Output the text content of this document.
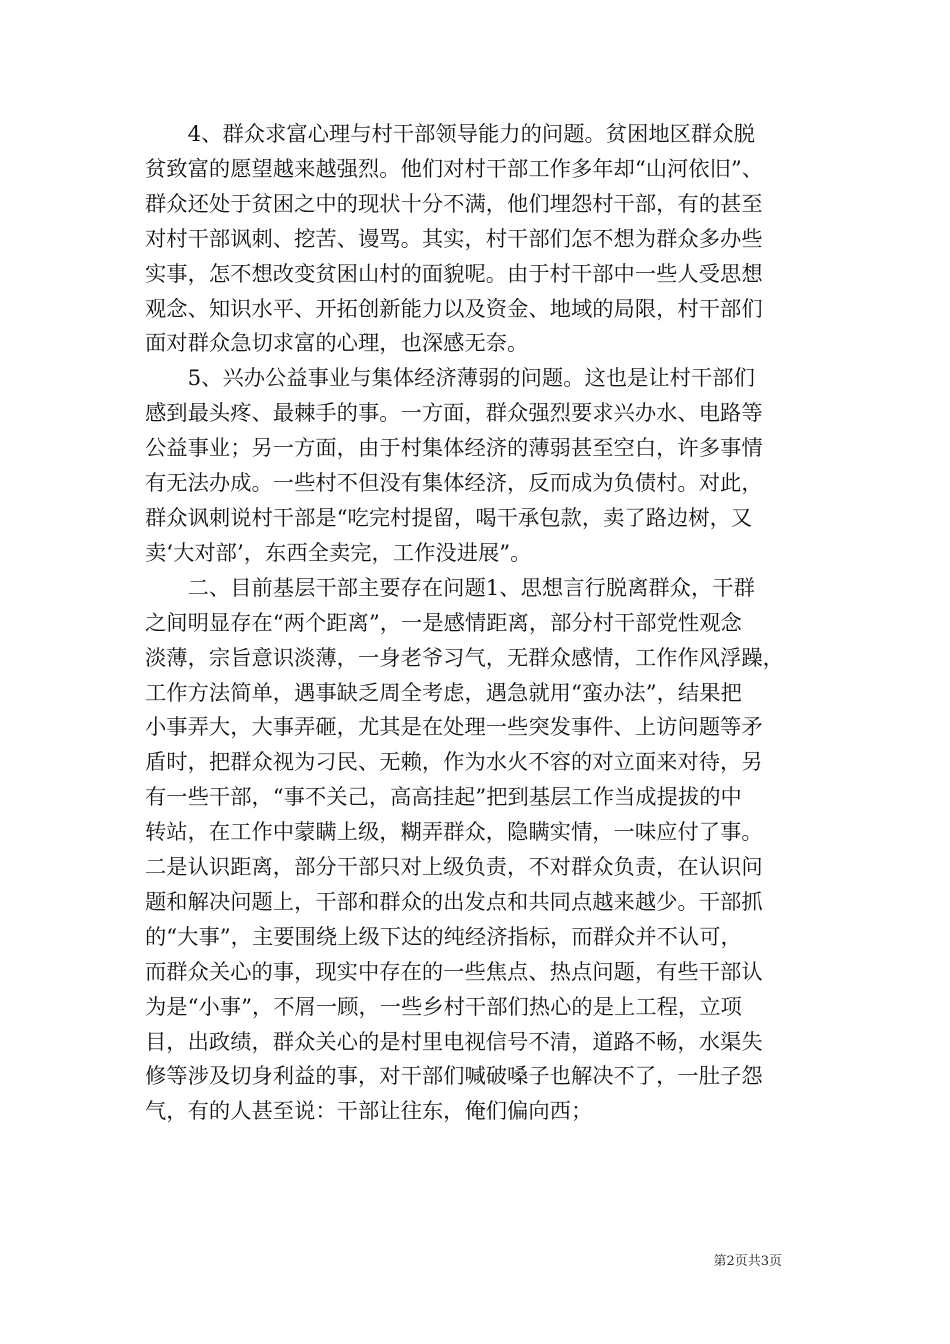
4、群众求富心理与村干部领导能力的问题。贫困地区群众脱
贫致富的愿望越来越强烈。他们对村干部工作多年却“山河依旧”、
群众还处于贫困之中的现状十分不满，他们埋怨村干部，有的甚至
对村干部讽刺、挖苦、谩骂。其实，村干部们怎不想为群众多办些
实事，怎不想改变贫困山村的面貌呢。由于村干部中一些人受思想
观念、知识水平、开拓创新能力以及资金、地域的局限，村干部们
面对群众急切求富的心理，也深感无奈。
5、兴办公益事业与集体经济薄弱的问题。这也是让村干部们
感到最头疼、最棘手的事。一方面，群众强烈要求兴办水、电路等
公益事业；另一方面，由于村集体经济的薄弱甚至空白，许多事情
有无法办成。一些村不但没有集体经济，反而成为负债村。对此，
群众讽刺说村干部是“吃完村提留，喝干承包款，卖了路边树，又
卖‘大对部’，东西全卖完，工作没进展”。
二、目前基层干部主要存在问题1、思想言行脱离群众，干群
之间明显存在“两个距离”，一是感情距离，部分村干部党性观念
淡薄，宗旨意识淡薄，一身老爷习气，无群众感情，工作作风浮躁，
工作方法简单，遇事缺乏周全考虑，遇急就用“蛮办法”，结果把
小事弄大，大事弄砸，尤其是在处理一些突发事件、上访问题等矛
盾时，把群众视为刁民、无赖，作为水火不容的对立面来对待，另
有一些干部，“事不关己，高高挂起”把到基层工作当成提拔的中
转站，在工作中蒙瞒上级，糊弄群众，隐瞒实情，一味应付了事。
二是认识距离，部分干部只对上级负责，不对群众负责，在认识问
题和解决问题上，干部和群众的出发点和共同点越来越少。干部抓
的“大事”，主要围绕上级下达的纯经济指标，而群众并不认可，
而群众关心的事，现实中存在的一些焦点、热点问题，有些干部认
为是“小事”，不屑一顾，一些乡村干部们热心的是上工程，立项
目，出政绩，群众关心的是村里电视信号不清，道路不畅，水渠失
修等涉及切身利益的事，对干部们喊破嗓子也解决不了，一肚子怨
气，有的人甚至说：干部让往东，俺们偏向西；
第2页共3页
